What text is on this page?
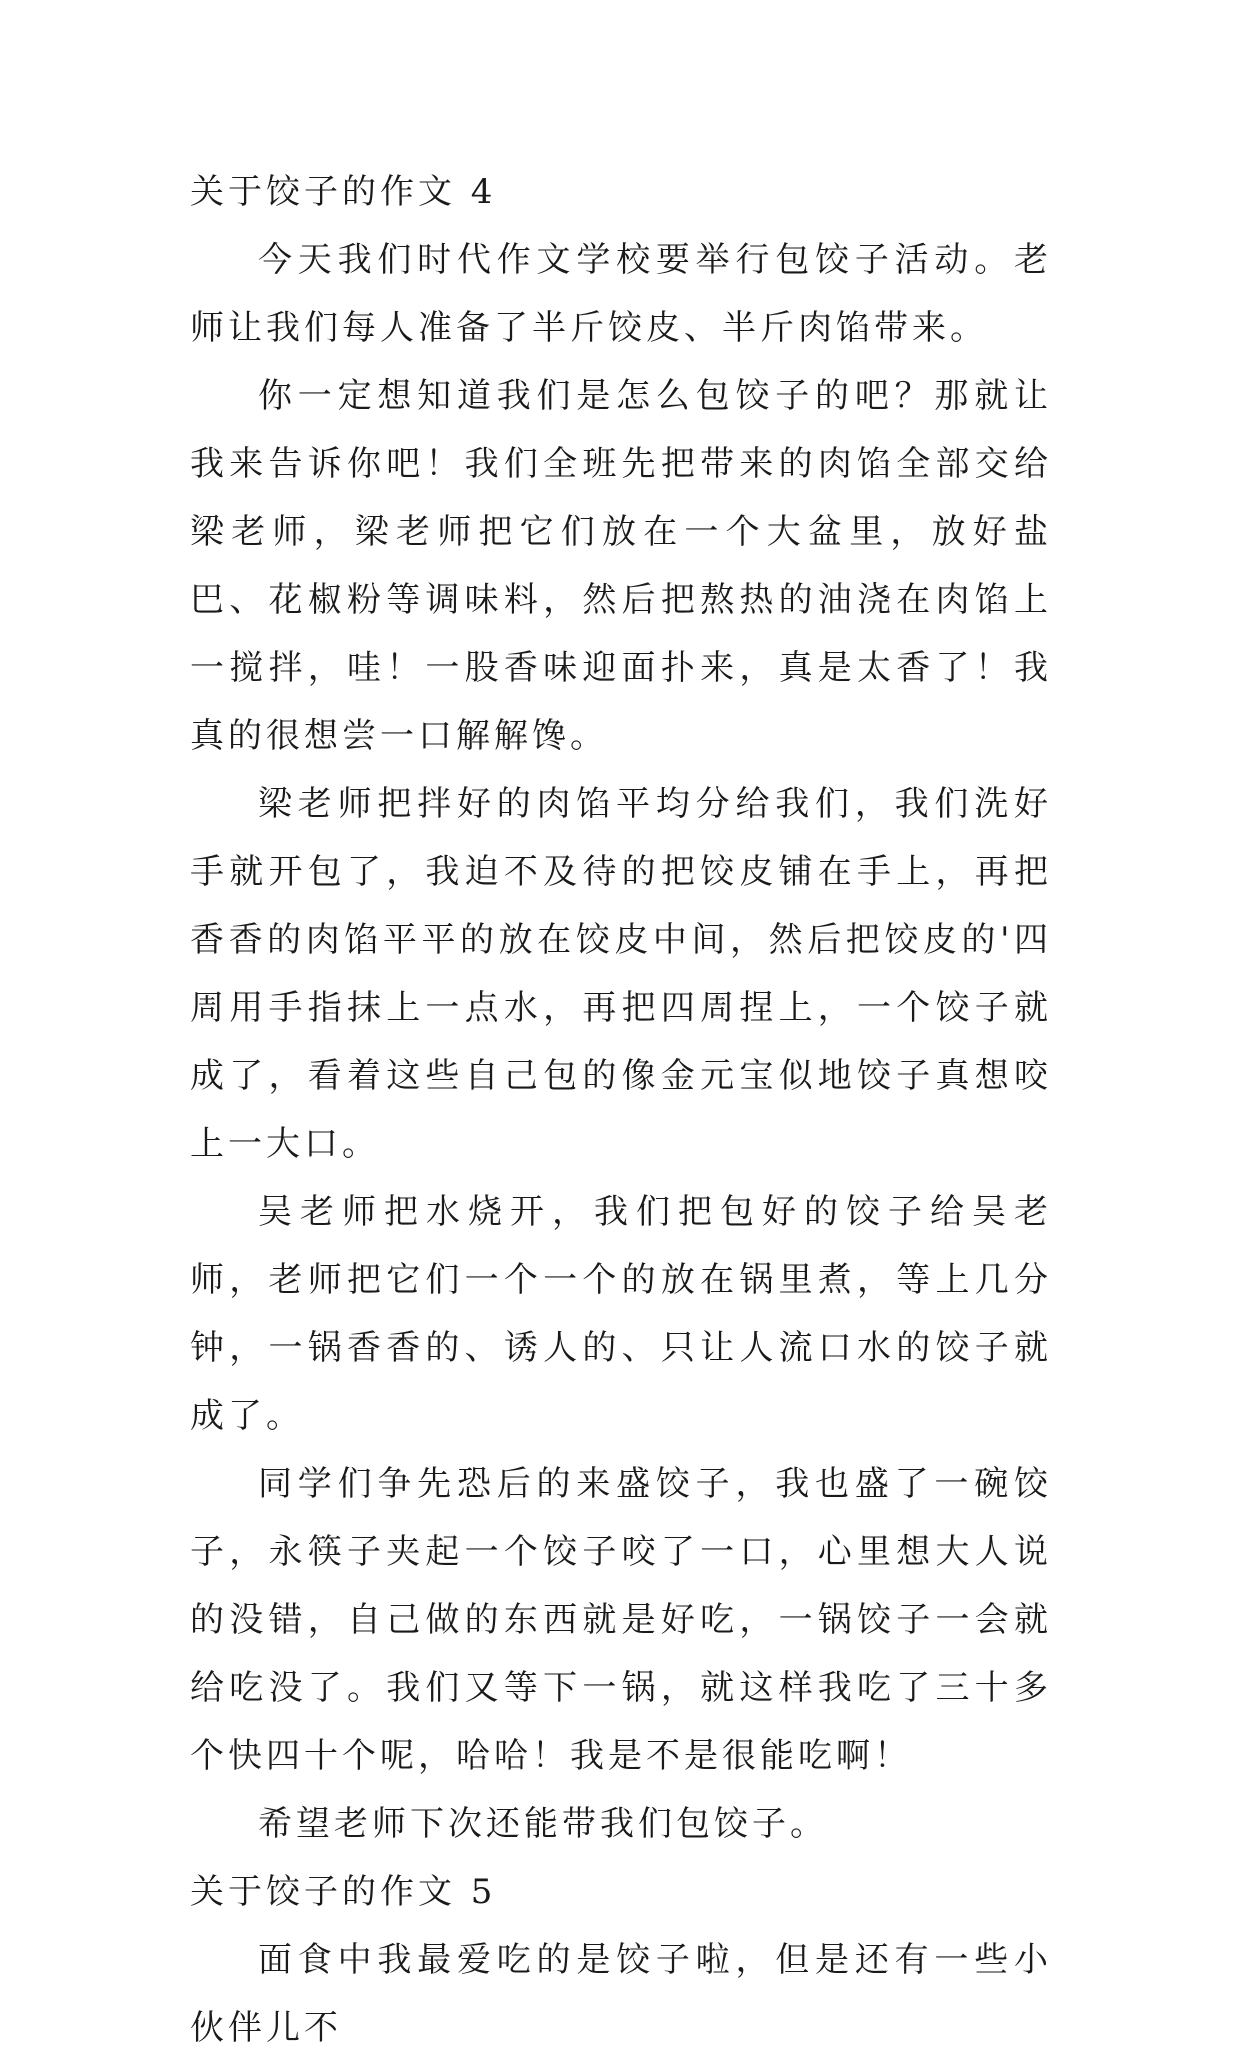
关于饺子的作文 4

今天我们时代作文学校要举行包饺子活动。老师让我们每人准备了半斤饺皮、半斤肉馅带来。

你一定想知道我们是怎么包饺子的吧？那就让我来告诉你吧！我们全班先把带来的肉馅全部交给梁老师，梁老师把它们放在一个大盆里，放好盐巴、花椒粉等调味料，然后把熬热的油浇在肉馅上一搅拌，哇！一股香味迎面扑来，真是太香了！我真的很想尝一口解解馋。

梁老师把拌好的肉馅平均分给我们，我们洗好手就开包了，我迫不及待的把饺皮铺在手上，再把香香的肉馅平平的放在饺皮中间，然后把饺皮的'四周用手指抹上一点水，再把四周捏上，一个饺子就成了，看着这些自己包的像金元宝似地饺子真想咬上一大口。

吴老师把水烧开，我们把包好的饺子给吴老师，老师把它们一个一个的放在锅里煮，等上几分钟，一锅香香的、诱人的、只让人流口水的饺子就成了。

同学们争先恐后的来盛饺子，我也盛了一碗饺子，永筷子夹起一个饺子咬了一口，心里想大人说的没错，自己做的东西就是好吃，一锅饺子一会就给吃没了。我们又等下一锅，就这样我吃了三十多个快四十个呢，哈哈！我是不是很能吃啊！

希望老师下次还能带我们包饺子。

关于饺子的作文 5

面食中我最爱吃的是饺子啦，但是还有一些小伙伴儿不
